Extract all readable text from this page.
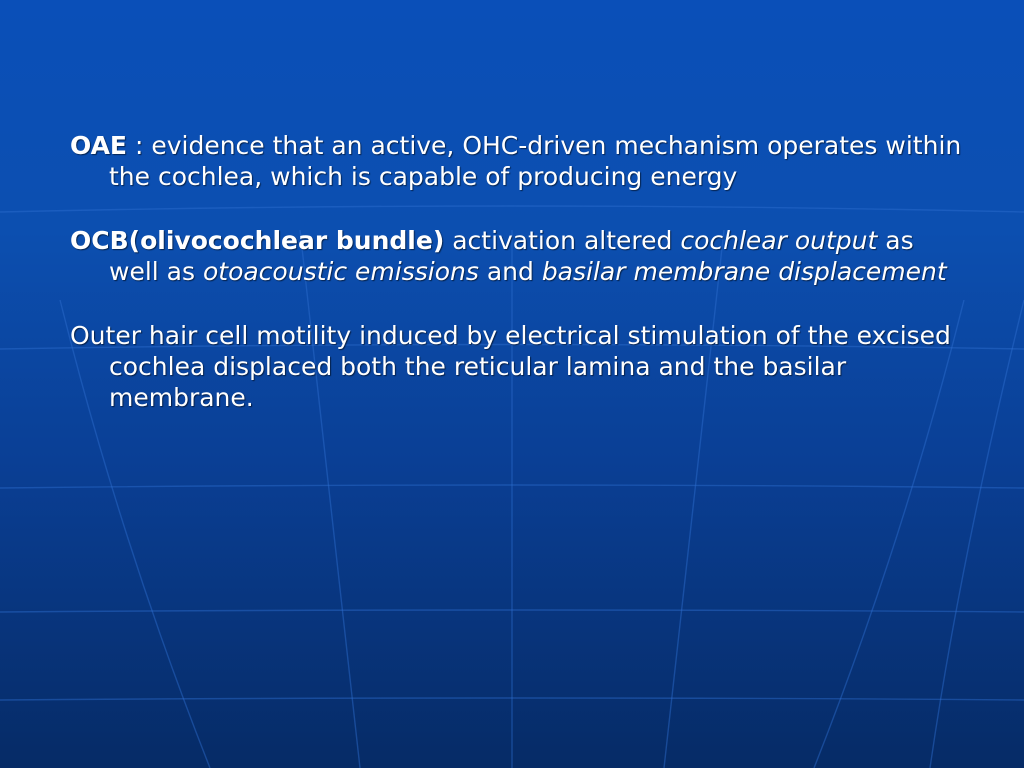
OAE : evidence that an active, OHC-driven mechanism operates within the cochlea, which is capable of producing energy

OCB(olivocochlear bundle) activation altered cochlear output as well as otoacoustic emissions and basilar membrane displacement

Outer hair cell motility induced by electrical stimulation of the excised cochlea displaced both the reticular lamina and the basilar membrane.
